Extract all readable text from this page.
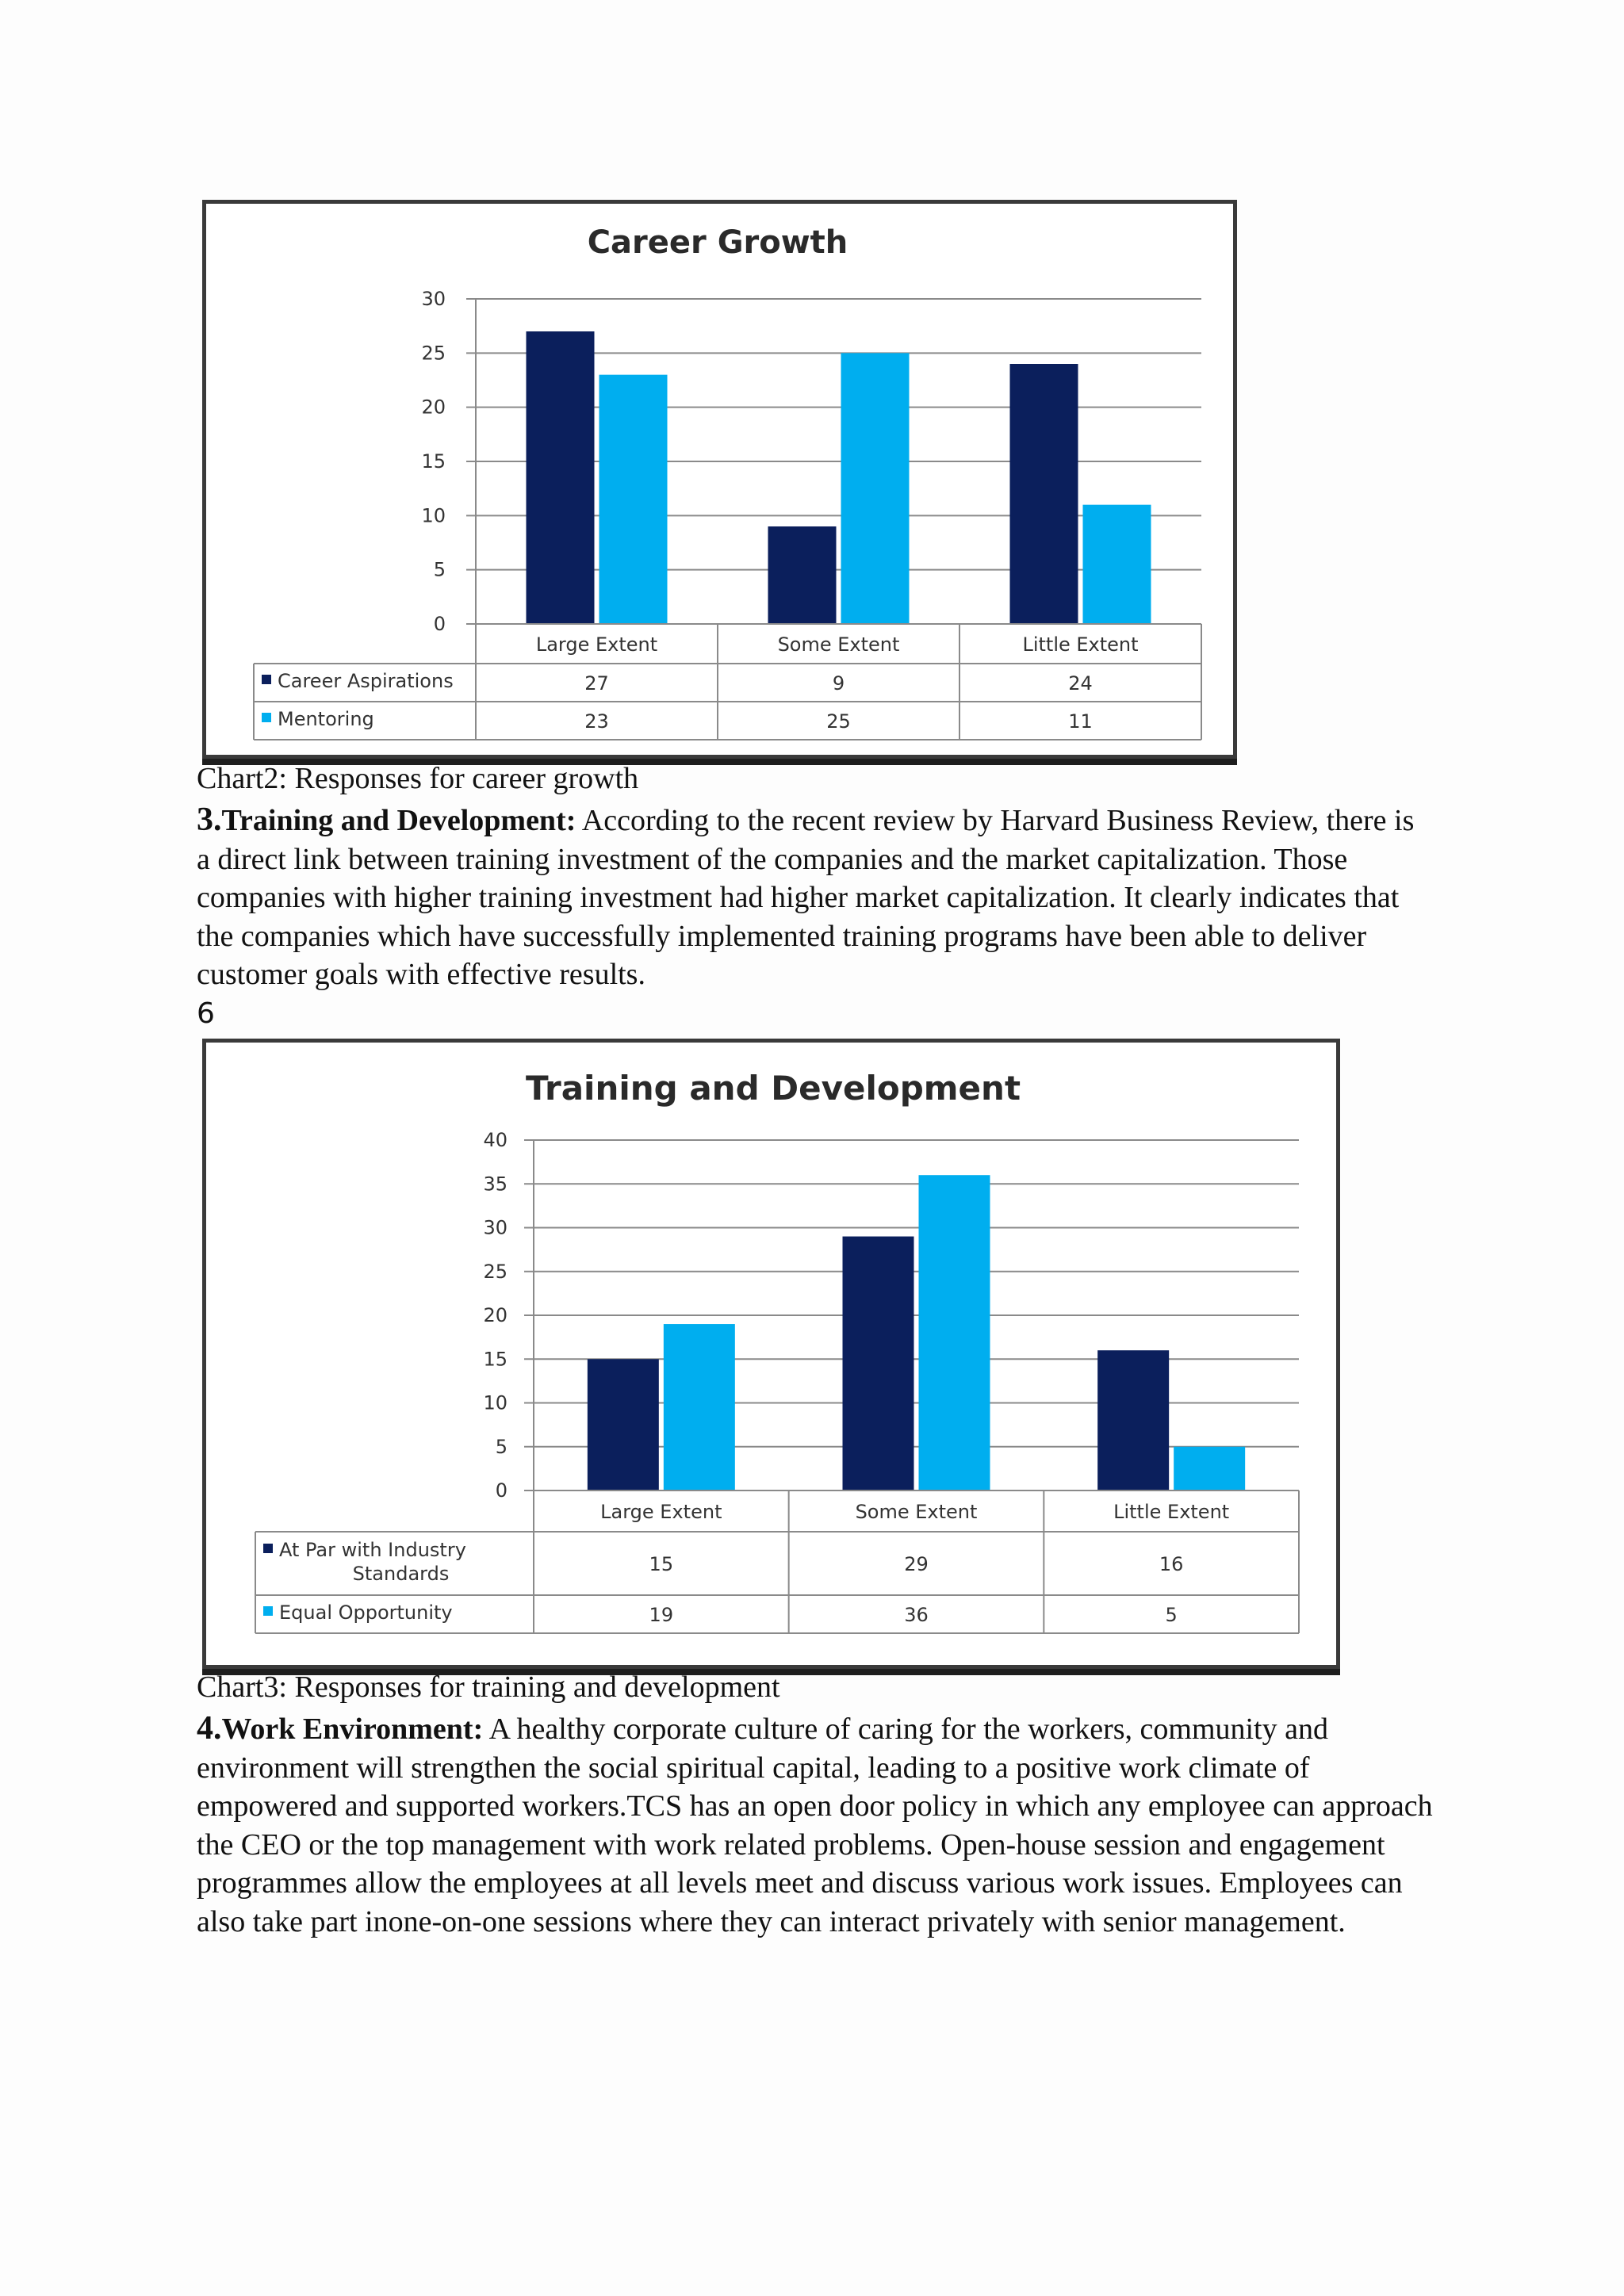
Career Growth
0
5
10
15
20
25
30
Large Extent	Some Extent	Little Extent
Career Aspirations	27	9	24
Mentoring	23	25	11

Chart2: Responses for career growth

3.Training and Development: According to the recent review by Harvard Business Review, there is a direct link between training investment of the companies and the market capitalization. Those companies with higher training investment had higher market capitalization. It clearly indicates that the companies which have successfully implemented training programs have been able to deliver customer goals with effective results.

6
Training and Development
0
5
10
15
20
25
30
35
40
Large Extent	Some Extent	Little Extent
At Par with Industry
Standards	15	29	16
Equal Opportunity	19	36	5

Chart3: Responses for training and development

4.Work Environment: A healthy corporate culture of caring for the workers, community and environment will strengthen the social spiritual capital, leading to a positive work climate of empowered and supported workers.TCS has an open door policy in which any employee can approach the CEO or the top management with work related problems. Open-house session and engagement programmes allow the employees at all levels meet and discuss various work issues. Employees can also take part inone-on-one sessions where they can interact privately with senior management.
